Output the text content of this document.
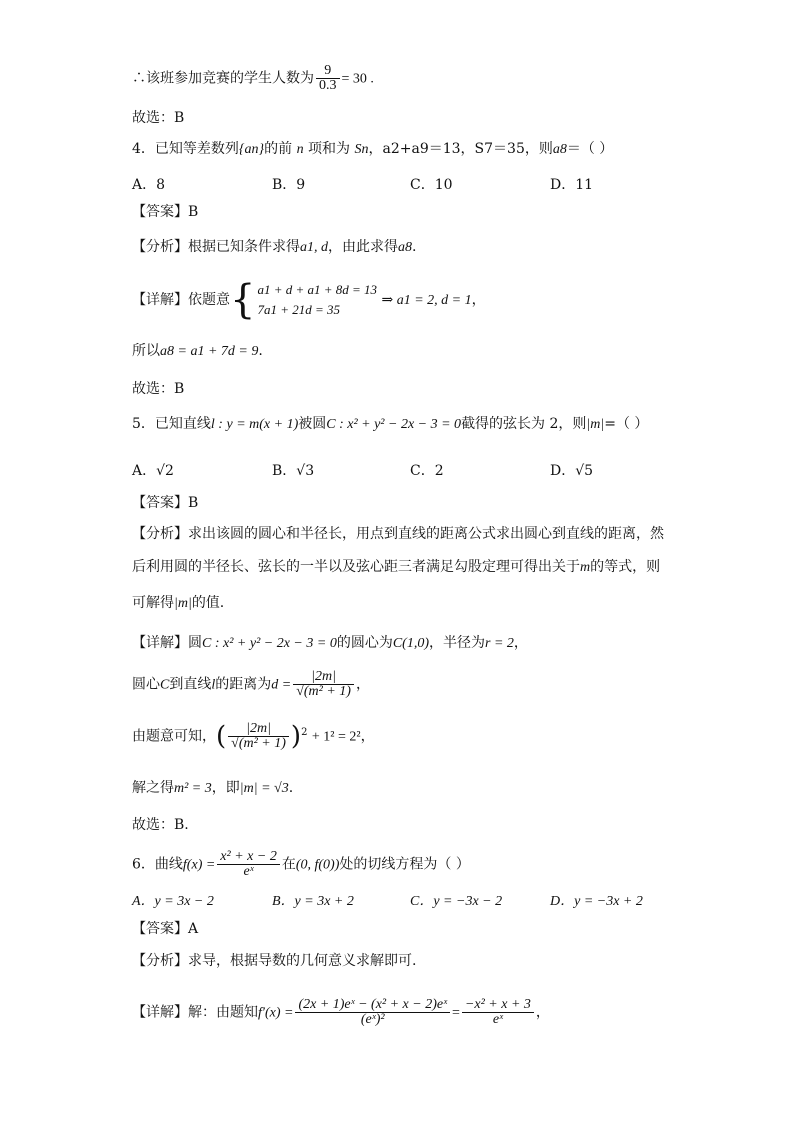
∴该班参加竞赛的学生人数为 $\frac{9}{0.3} = 30$ .
故选：B
4．已知等差数列{an}的前 n 项和为 Sn，a2+a9＝13，S7＝35，则a8＝（ ）
A．8	B．9	C．10	D．11
【答案】B
【分析】根据已知条件求得a1, d，由此求得a8.
【详解】依题意 { a1 + d + a1 + 8d = 13
7a1 + 21d = 35
⇒ a1 = 2, d = 1，
所以a8 = a1 + 7d = 9.
故选：B
5．已知直线l : y = m(x + 1)被圆C : x² + y² − 2x − 3 = 0截得的弦长为 2，则|m|=（ ）
A．√2	B．√3	C．2	D．√5
【答案】B
【分析】求出该圆的圆心和半径长，用点到直线的距离公式求出圆心到直线的距离，然
后利用圆的半径长、弦长的一半以及弦心距三者满足勾股定理可得出关于m的等式，则
可解得|m|的值.
【详解】圆C : x² + y² − 2x − 3 = 0的圆心为C(1,0)，半径为r = 2，
圆心C到直线l的距离为$d = \frac{|2m|}{\text{√(m² + 1)}}$ ，
由题意可知，( $\frac{|2m|}{\text{√(m² + 1)}} )^2 + 1^2 = 2^2$，
解之得m² = 3，即|m| = √3.
故选：B.
6．曲线$f(x) = \frac{\text{x² + x − 2}}{\text{eˣ}}$ 在(0, f(0))处的切线方程为（ ）
A．y = 3x − 2	B．y = 3x + 2	C．y = −3x − 2	D．y = −3x + 2
【答案】A
【分析】求导，根据导数的几何意义求解即可.
【详解】解：由题知$f'(x) = \frac{\text{(2x + 1)eˣ − (x² + x − 2)eˣ}}{\text{(eˣ)²}} = \frac{\text{−x² + x + 3}}{\text{eˣ}}$ ，
